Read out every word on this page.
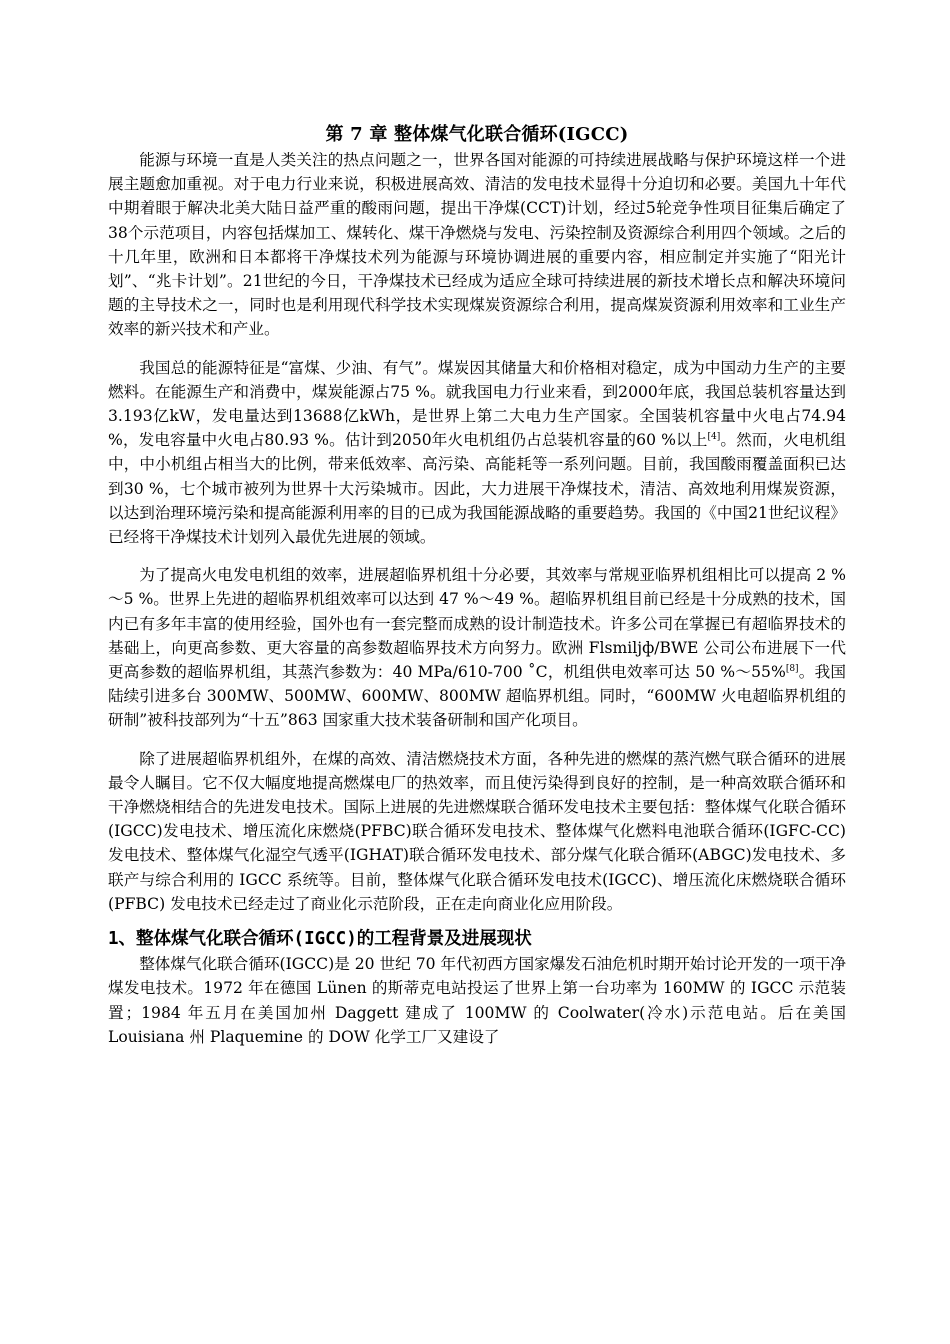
第 7 章 整体煤气化联合循环(IGCC)

能源与环境一直是人类关注的热点问题之一，世界各国对能源的可持续进展战略与保护环境这样一个进展主题愈加重视。对于电力行业来说，积极进展高效、清洁的发电技术显得十分迫切和必要。美国九十年代中期着眼于解决北美大陆日益严重的酸雨问题，提出干净煤(CCT)计划，经过5轮竞争性项目征集后确定了38个示范项目，内容包括煤加工、煤转化、煤干净燃烧与发电、污染控制及资源综合利用四个领域。之后的十几年里，欧洲和日本都将干净煤技术列为能源与环境协调进展的重要内容，相应制定并实施了“阳光计划”、“兆卡计划”。21世纪的今日，干净煤技术已经成为适应全球可持续进展的新技术增长点和解决环境问题的主导技术之一，同时也是利用现代科学技术实现煤炭资源综合利用，提高煤炭资源利用效率和工业生产效率的新兴技术和产业。

我国总的能源特征是“富煤、少油、有气”。煤炭因其储量大和价格相对稳定，成为中国动力生产的主要燃料。在能源生产和消费中，煤炭能源占75 %。就我国电力行业来看，到2000年底，我国总装机容量达到3.193亿kW，发电量达到13688亿kWh，是世界上第二大电力生产国家。全国装机容量中火电占74.94 %，发电容量中火电占80.93 %。估计到2050年火电机组仍占总装机容量的60 %以上[4]。然而，火电机组中，中小机组占相当大的比例，带来低效率、高污染、高能耗等一系列问题。目前，我国酸雨覆盖面积已达到30 %，七个城市被列为世界十大污染城市。因此，大力进展干净煤技术，清洁、高效地利用煤炭资源，以达到治理环境污染和提高能源利用率的目的已成为我国能源战略的重要趋势。我国的《中国21世纪议程》已经将干净煤技术计划列入最优先进展的领域。

为了提高火电发电机组的效率，进展超临界机组十分必要，其效率与常规亚临界机组相比可以提高 2 %～5 %。世界上先进的超临界机组效率可以达到 47 %～49 %。超临界机组目前已经是十分成熟的技术，国内已有多年丰富的使用经验，国外也有一套完整而成熟的设计制造技术。许多公司在掌握已有超临界技术的基础上，向更高参数、更大容量的高参数超临界技术方向努力。欧洲 Flsmiljф/BWE 公司公布进展下一代更高参数的超临界机组，其蒸汽参数为：40 MPa/610-700 ˚C，机组供电效率可达 50 %～55%[8]。我国陆续引进多台 300MW、500MW、600MW、800MW 超临界机组。同时，“600MW 火电超临界机组的研制”被科技部列为“十五”863 国家重大技术装备研制和国产化项目。

除了进展超临界机组外，在煤的高效、清洁燃烧技术方面，各种先进的燃煤的蒸汽燃气联合循环的进展最令人瞩目。它不仅大幅度地提高燃煤电厂的热效率，而且使污染得到良好的控制，是一种高效联合循环和干净燃烧相结合的先进发电技术。国际上进展的先进燃煤联合循环发电技术主要包括：整体煤气化联合循环(IGCC)发电技术、增压流化床燃烧(PFBC)联合循环发电技术、整体煤气化燃料电池联合循环(IGFC-CC)发电技术、整体煤气化湿空气透平(IGHAT)联合循环发电技术、部分煤气化联合循环(ABGC)发电技术、多联产与综合利用的 IGCC 系统等。目前，整体煤气化联合循环发电技术(IGCC)、增压流化床燃烧联合循环(PFBC) 发电技术已经走过了商业化示范阶段，正在走向商业化应用阶段。

1、整体煤气化联合循环(IGCC)的工程背景及进展现状

整体煤气化联合循环(IGCC)是 20 世纪 70 年代初西方国家爆发石油危机时期开始讨论开发的一项干净煤发电技术。1972 年在德国 Lünen 的斯蒂克电站投运了世界上第一台功率为 160MW 的 IGCC 示范装置；1984 年五月在美国加州 Daggett 建成了 100MW 的 Coolwater(冷水)示范电站。后在美国 Louisiana 州 Plaquemine 的 DOW 化学工厂又建设了
